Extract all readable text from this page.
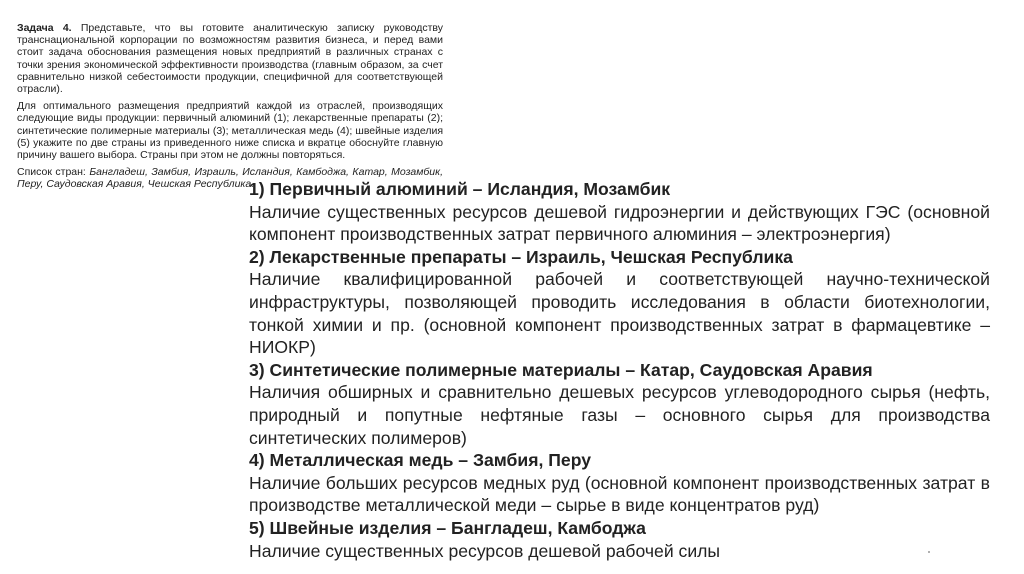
Задача 4. Представьте, что вы готовите аналитическую записку руководству транснациональной корпорации по возможностям развития бизнеса, и перед вами стоит задача обоснования размещения новых предприятий в различных странах с точки зрения экономической эффективности производства (главным образом, за счет сравнительно низкой себестоимости продукции, специфичной для соответствующей отрасли).

Для оптимального размещения предприятий каждой из отраслей, производящих следующие виды продукции: первичный алюминий (1); лекарственные препараты (2); синтетические полимерные материалы (3); металлическая медь (4); швейные изделия (5) укажите по две страны из приведенного ниже списка и вкратце обоснуйте главную причину вашего выбора. Страны при этом не должны повторяться.

Список стран: Бангладеш, Замбия, Израиль, Исландия, Камбоджа, Катар, Мозамбик, Перу, Саудовская Аравия, Чешская Республика.

1) Первичный алюминий – Исландия, Мозамбик

Наличие существенных ресурсов дешевой гидроэнергии и действующих ГЭС (основной компонент производственных затрат первичного алюминия – электроэнергия)

2) Лекарственные препараты – Израиль, Чешская Республика

Наличие квалифицированной рабочей и соответствующей научно-технической инфраструктуры, позволяющей проводить исследования в области биотехнологии, тонкой химии и пр. (основной компонент производственных затрат в фармацевтике – НИОКР)

3) Синтетические полимерные материалы – Катар, Саудовская Аравия

Наличия обширных и сравнительно дешевых ресурсов углеводородного сырья (нефть, природный и попутные нефтяные газы – основного сырья для производства синтетических полимеров)

4) Металлическая медь – Замбия, Перу

Наличие больших ресурсов медных руд (основной компонент производственных затрат в производстве металлической меди – сырье в виде концентратов руд)

5) Швейные изделия – Бангладеш, Камбоджа

Наличие существенных ресурсов дешевой рабочей силы
